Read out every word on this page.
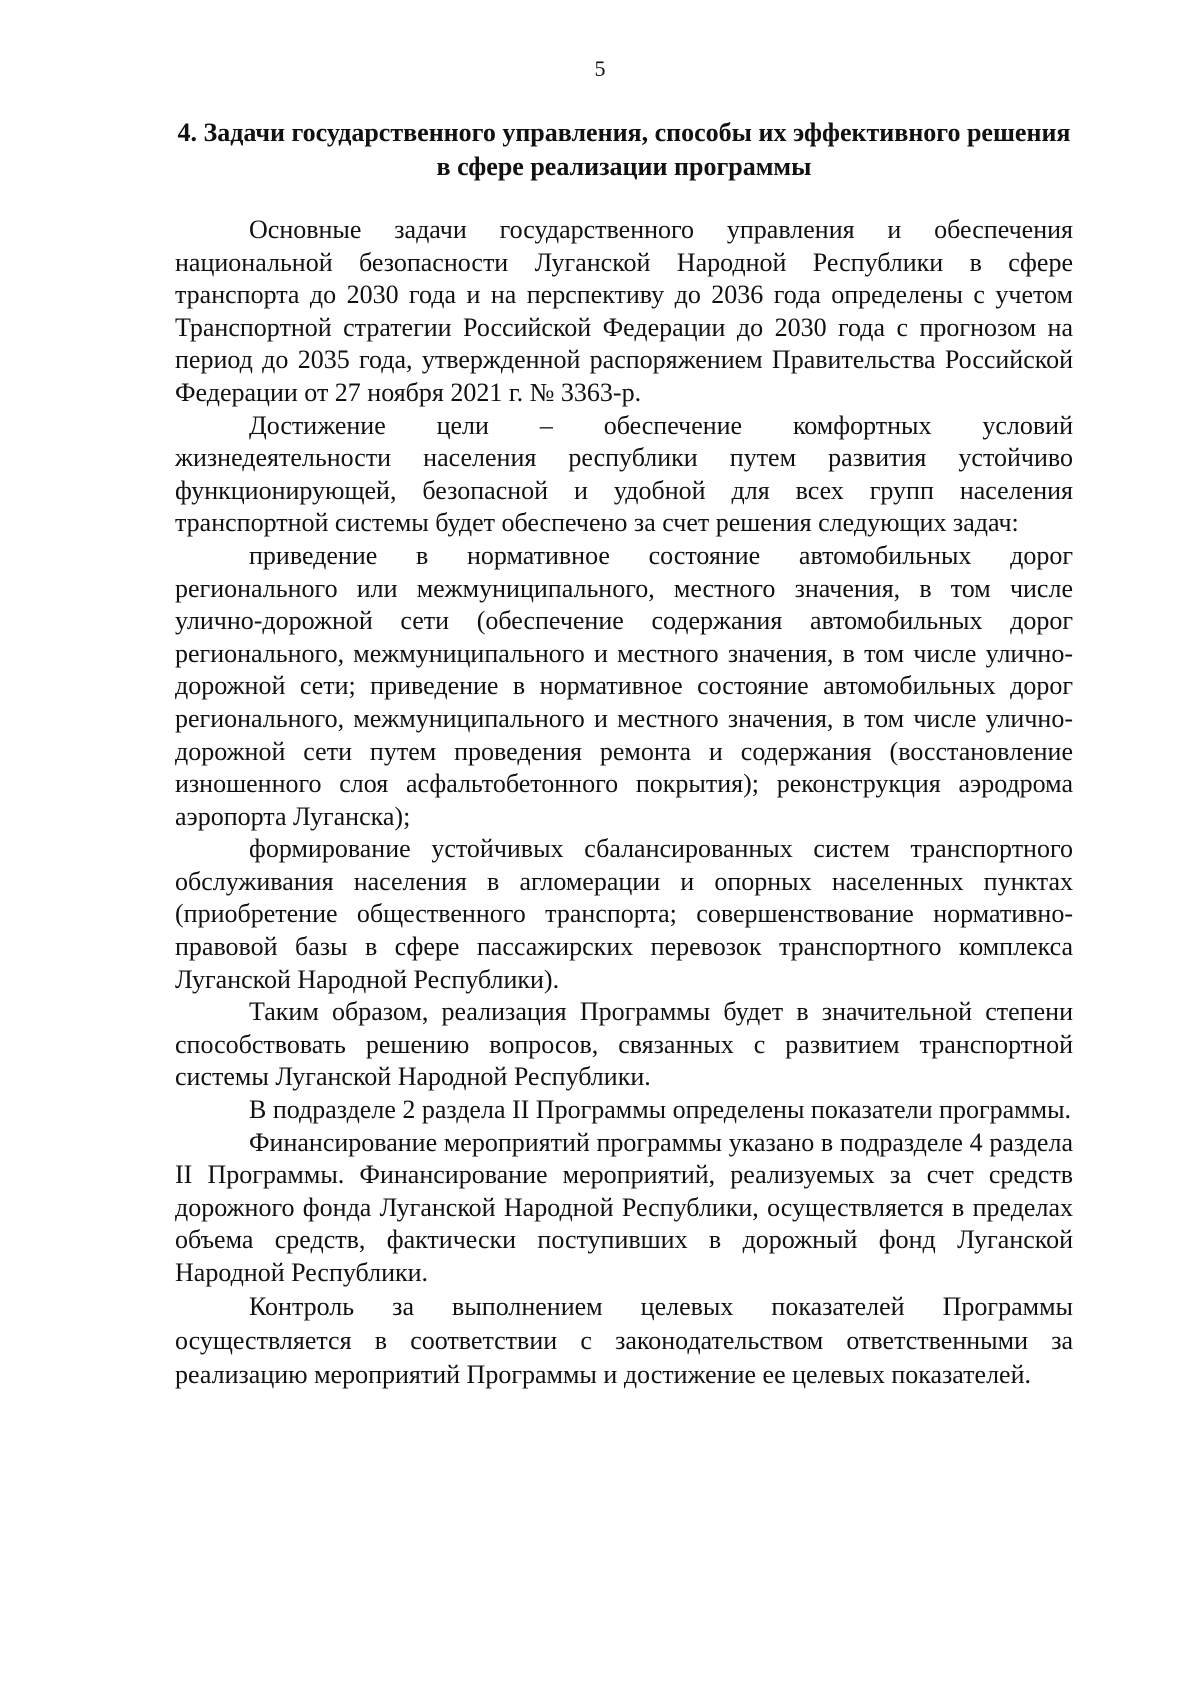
5
4. Задачи государственного управления, способы их эффективного решения в сфере реализации программы

Основные задачи государственного управления и обеспечения национальной безопасности Луганской Народной Республики в сфере транспорта до 2030 года и на перспективу до 2036 года определены с учетом Транспортной стратегии Российской Федерации до 2030 года с прогнозом на период до 2035 года, утвержденной распоряжением Правительства Российской Федерации от 27 ноября 2021 г. № 3363-р.

Достижение цели – обеспечение комфортных условий жизнедеятельности населения республики путем развития устойчиво функционирующей, безопасной и удобной для всех групп населения транспортной системы будет обеспечено за счет решения следующих задач:

приведение в нормативное состояние автомобильных дорог регионального или межмуниципального, местного значения, в том числе улично-дорожной сети (обеспечение содержания автомобильных дорог регионального, межмуниципального и местного значения, в том числе улично-дорожной сети; приведение в нормативное состояние автомобильных дорог регионального, межмуниципального и местного значения, в том числе улично-дорожной сети путем проведения ремонта и содержания (восстановление изношенного слоя асфальтобетонного покрытия); реконструкция аэродрома аэропорта Луганска);

формирование устойчивых сбалансированных систем транспортного обслуживания населения в агломерации и опорных населенных пунктах (приобретение общественного транспорта; совершенствование нормативно-правовой базы в сфере пассажирских перевозок транспортного комплекса Луганской Народной Республики).

Таким образом, реализация Программы будет в значительной степени способствовать решению вопросов, связанных с развитием транспортной системы Луганской Народной Республики.

В подразделе 2 раздела II Программы определены показатели программы.

Финансирование мероприятий программы указано в подразделе 4 раздела II Программы. Финансирование мероприятий, реализуемых за счет средств дорожного фонда Луганской Народной Республики, осуществляется в пределах объема средств, фактически поступивших в дорожный фонд Луганской Народной Республики.

Контроль за выполнением целевых показателей Программы осуществляется в соответствии с законодательством ответственными за реализацию мероприятий Программы и достижение ее целевых показателей.
